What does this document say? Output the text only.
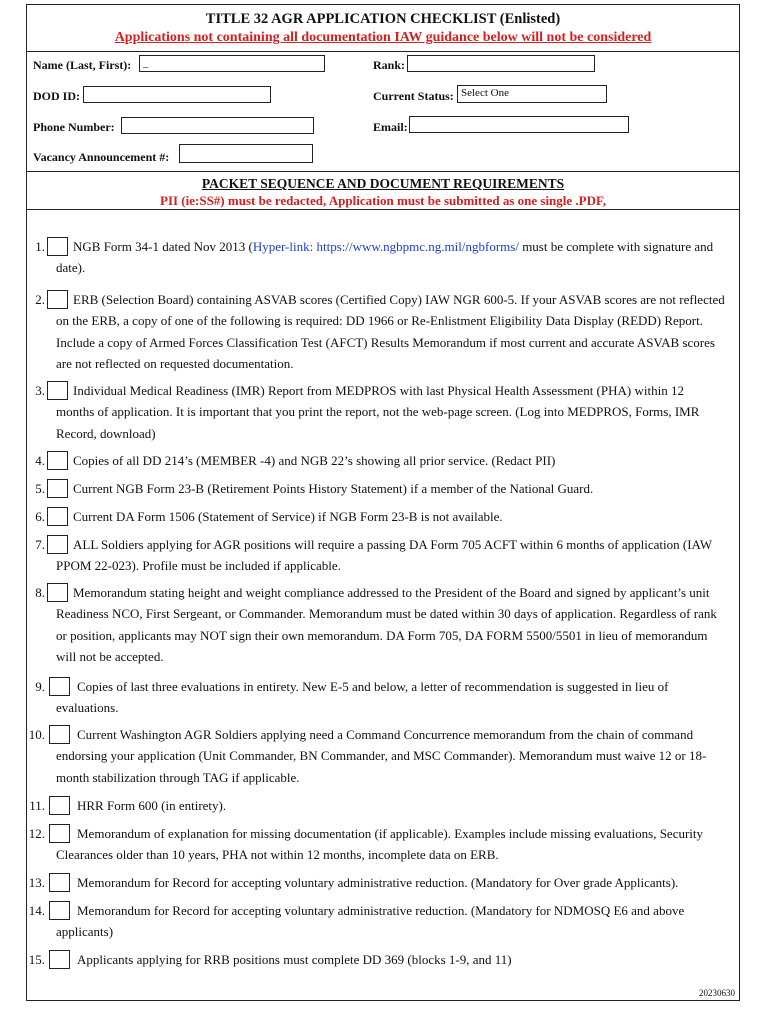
TITLE 32 AGR APPLICATION CHECKLIST (Enlisted)
Applications not containing all documentation IAW guidance below will not be considered
Name (Last, First):	_	Rank:
DOD ID:	Current Status: Select One
Phone Number:	Email:
Vacancy Announcement #:
PACKET SEQUENCE AND DOCUMENT REQUIREMENTS
PII (ie:SS#) must be redacted, Application must be submitted as one single .PDF,
1.	NGB Form 34-1 dated Nov 2013 (Hyper-link: https://www.ngbpmc.ng.mil/ngbforms/ must be complete with signature and date).
2.	ERB (Selection Board) containing ASVAB scores (Certified Copy) IAW NGR 600-5. If your ASVAB scores are not reflected on the ERB, a copy of one of the following is required: DD 1966 or Re-Enlistment Eligibility Data Display (REDD) Report. Include a copy of Armed Forces Classification Test (AFCT) Results Memorandum if most current and accurate ASVAB scores are not reflected on requested documentation.
3.	Individual Medical Readiness (IMR) Report from MEDPROS with last Physical Health Assessment (PHA) within 12 months of application. It is important that you print the report, not the web-page screen. (Log into MEDPROS, Forms, IMR Record, download)
4.	Copies of all DD 214’s (MEMBER -4) and NGB 22’s showing all prior service. (Redact PII)
5.	Current NGB Form 23-B (Retirement Points History Statement) if a member of the National Guard.
6.	Current DA Form 1506 (Statement of Service) if NGB Form 23-B is not available.
7.	ALL Soldiers applying for AGR positions will require a passing DA Form 705 ACFT within 6 months of application (IAW PPOM 22-023). Profile must be included if applicable.
8.	Memorandum stating height and weight compliance addressed to the President of the Board and signed by applicant’s unit Readiness NCO, First Sergeant, or Commander. Memorandum must be dated within 30 days of application. Regardless of rank or position, applicants may NOT sign their own memorandum. DA Form 705, DA FORM 5500/5501 in lieu of memorandum will not be accepted.
9.	Copies of last three evaluations in entirety. New E-5 and below, a letter of recommendation is suggested in lieu of evaluations.
10.	Current Washington AGR Soldiers applying need a Command Concurrence memorandum from the chain of command endorsing your application (Unit Commander, BN Commander, and MSC Commander). Memorandum must waive 12 or 18-month stabilization through TAG if applicable.
11.	HRR Form 600 (in entirety).
12.	Memorandum of explanation for missing documentation (if applicable). Examples include missing evaluations, Security Clearances older than 10 years, PHA not within 12 months, incomplete data on ERB.
13.	Memorandum for Record for accepting voluntary administrative reduction. (Mandatory for Over grade Applicants).
14.	Memorandum for Record for accepting voluntary administrative reduction. (Mandatory for NDMOSQ E6 and above applicants)
15.	Applicants applying for RRB positions must complete DD 369 (blocks 1-9, and 11)
20230630
